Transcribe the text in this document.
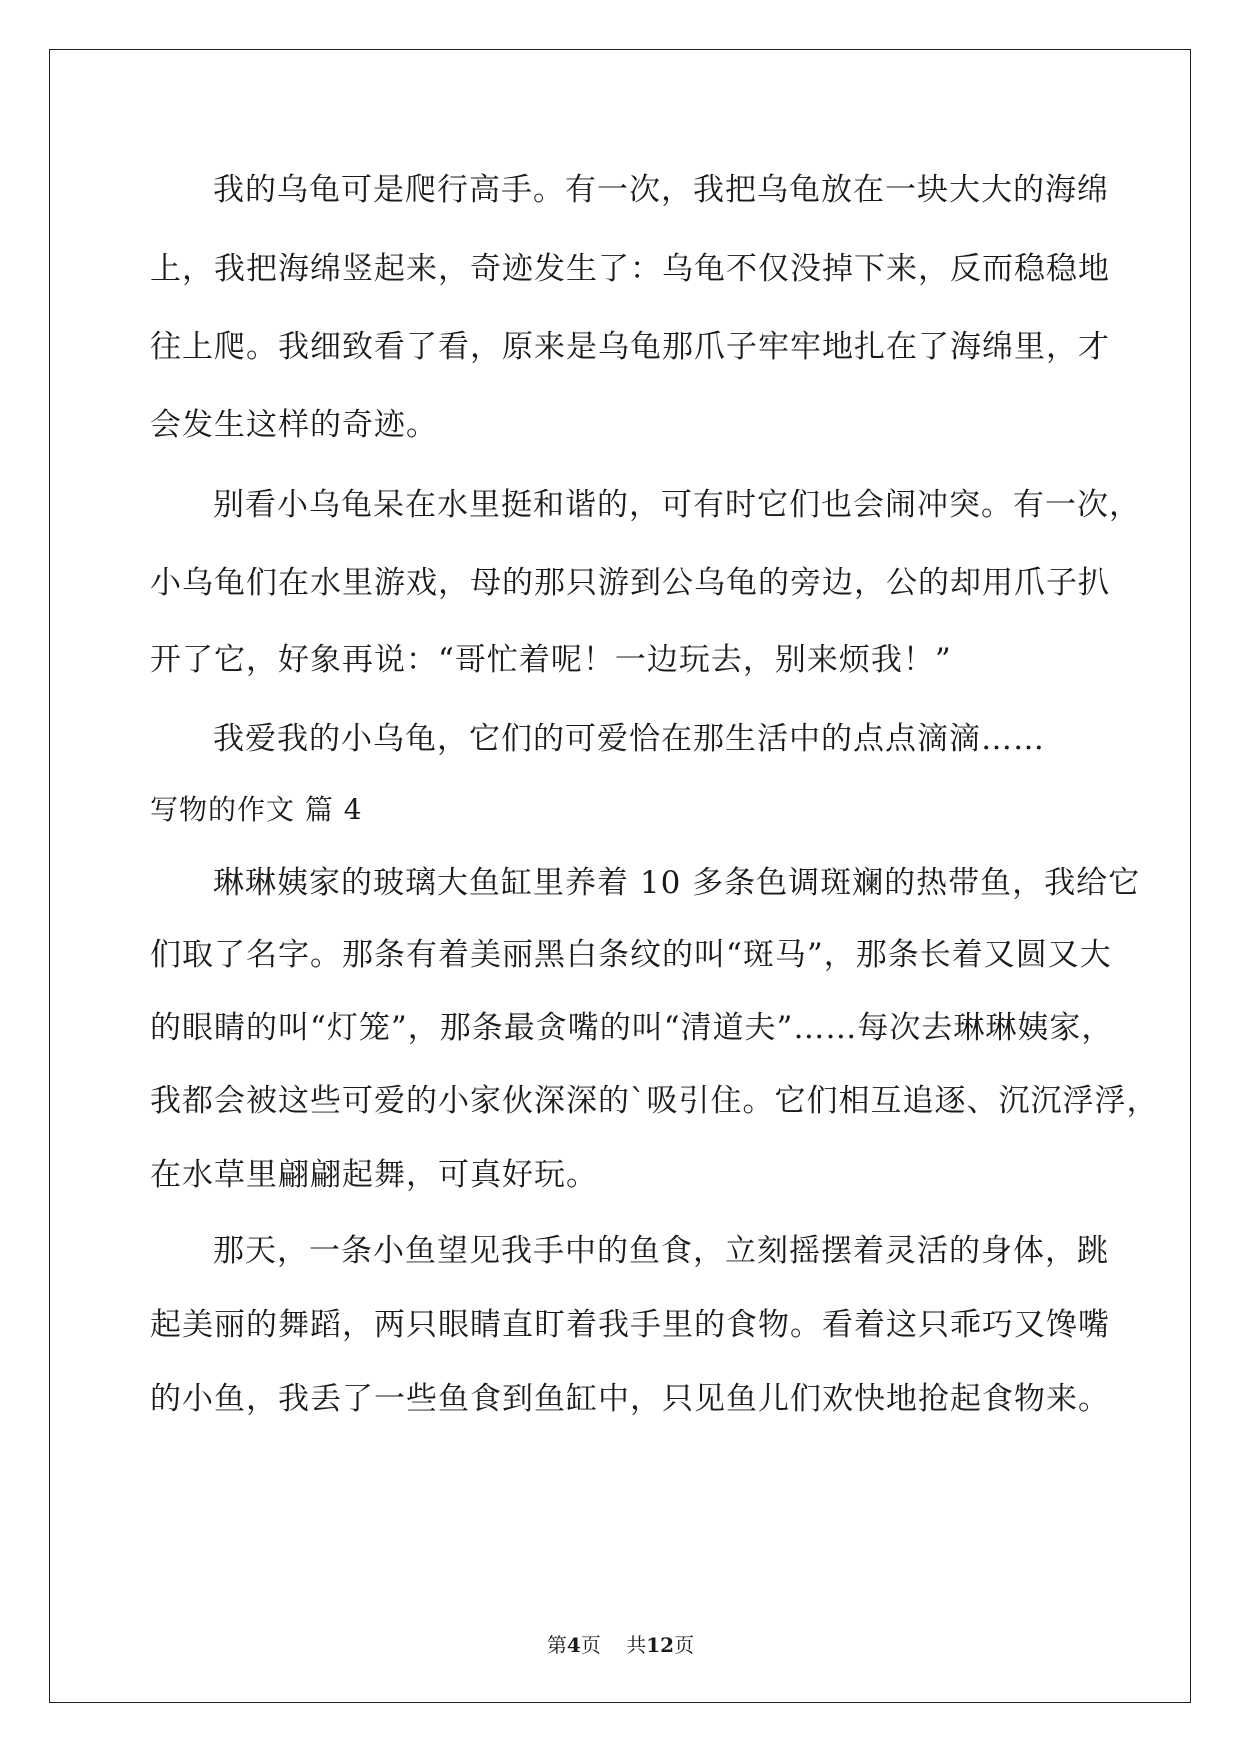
我的乌龟可是爬行高手。有一次，我把乌龟放在一块大大的海绵
上，我把海绵竖起来，奇迹发生了：乌龟不仅没掉下来，反而稳稳地
往上爬。我细致看了看，原来是乌龟那爪子牢牢地扎在了海绵里，才
会发生这样的奇迹。
别看小乌龟呆在水里挺和谐的，可有时它们也会闹冲突。有一次，
小乌龟们在水里游戏，母的那只游到公乌龟的旁边，公的却用爪子扒
开了它，好象再说：“哥忙着呢！一边玩去，别来烦我！”
我爱我的小乌龟，它们的可爱恰在那生活中的点点滴滴……
写物的作文 篇 4
琳琳姨家的玻璃大鱼缸里养着 10 多条色调斑斓的热带鱼，我给它
们取了名字。那条有着美丽黑白条纹的叫“斑马”，那条长着又圆又大
的眼睛的叫“灯笼”，那条最贪嘴的叫“清道夫”……每次去琳琳姨家，
我都会被这些可爱的小家伙深深的`吸引住。它们相互追逐、沉沉浮浮，
在水草里翩翩起舞，可真好玩。
那天，一条小鱼望见我手中的鱼食，立刻摇摆着灵活的身体，跳
起美丽的舞蹈，两只眼睛直盯着我手里的食物。看着这只乖巧又馋嘴
的小鱼，我丢了一些鱼食到鱼缸中，只见鱼儿们欢快地抢起食物来。
第4页 共12页
